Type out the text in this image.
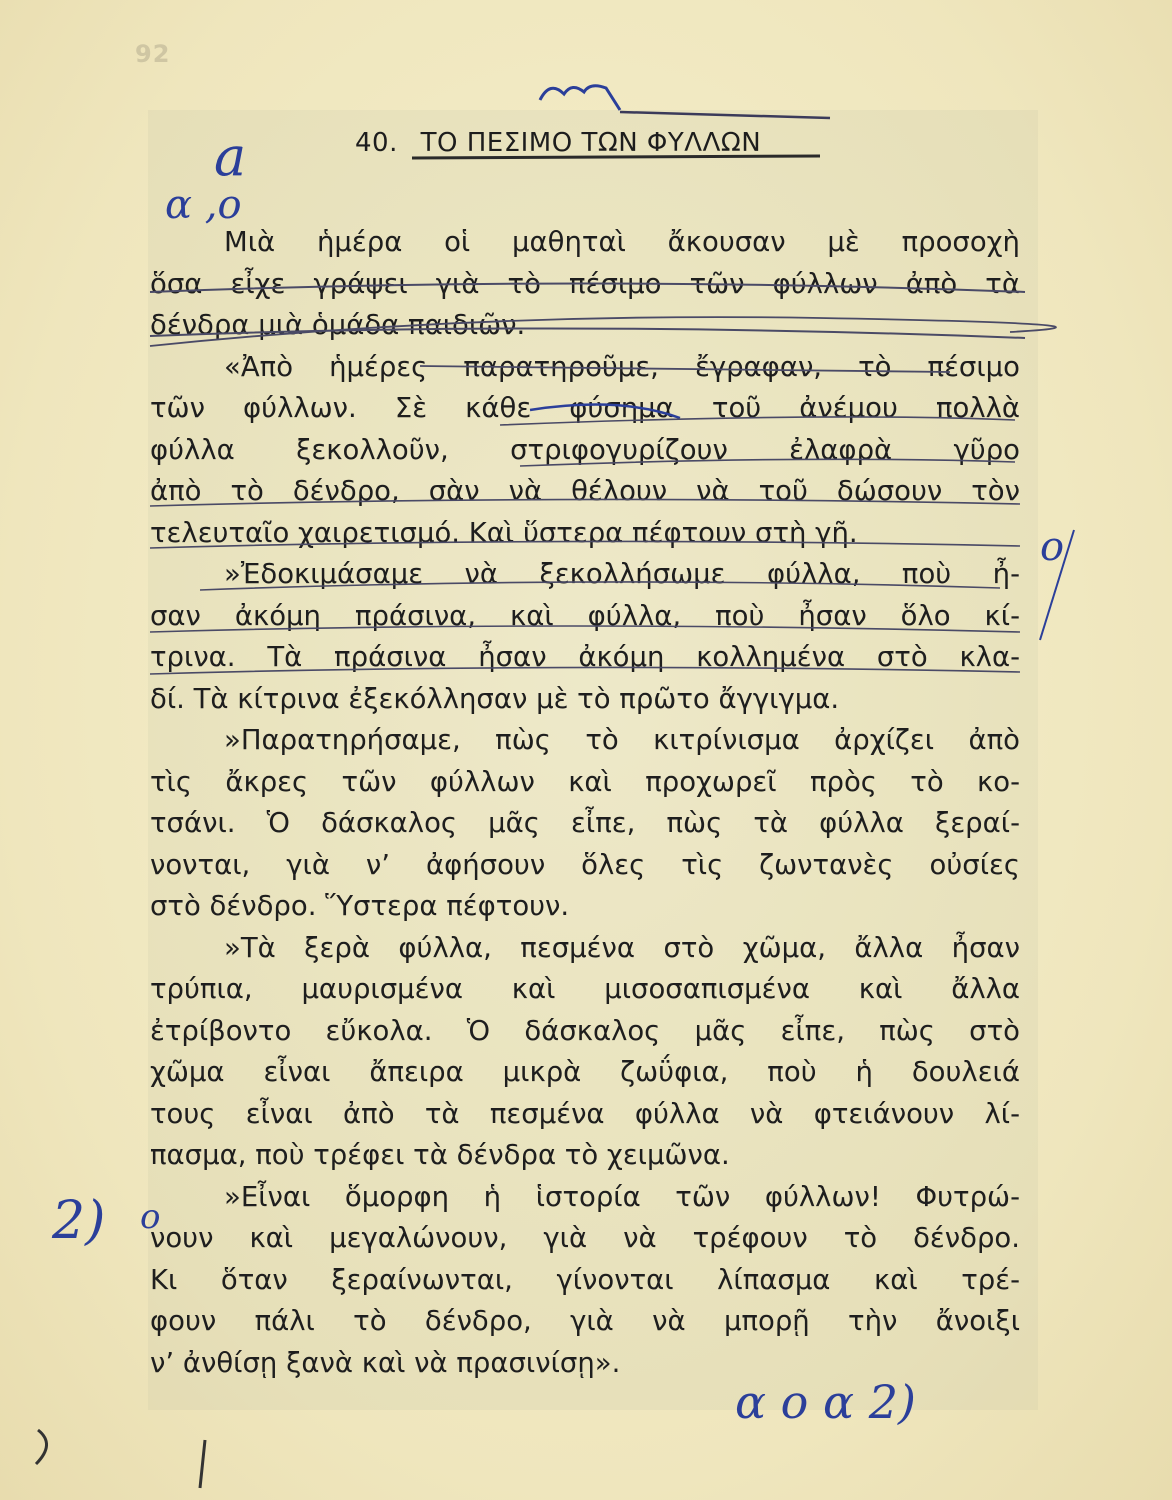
92
40. ΤΟ ΠΕΣΙΜΟ ΤΩΝ ΦΥΛΛΩΝ
Μιὰ ἡμέρα οἱ μαθηταὶ ἄκουσαν μὲ προσοχὴ
ὅσα εἶχε γράψει γιὰ τὸ πέσιμο τῶν φύλλων ἀπὸ τὰ
δένδρα μιὰ ὁμάδα παιδιῶν.
«Ἀπὸ ἡμέρες παρατηροῦμε, ἔγραφαν, τὸ πέσιμο
τῶν φύλλων. Σὲ κάθε φύσημα τοῦ ἀνέμου πολλὰ
φύλλα ξεκολλοῦν, στριφογυρίζουν ἐλαφρὰ γῦρο
ἀπὸ τὸ δένδρο, σὰν νὰ θέλουν νὰ τοῦ δώσουν τὸν
τελευταῖο χαιρετισμό. Καὶ ὕστερα πέφτουν στὴ γῆ.
»Ἐδοκιμάσαμε νὰ ξεκολλήσωμε φύλλα, ποὺ ἦ-
σαν ἀκόμη πράσινα, καὶ φύλλα, ποὺ ἦσαν ὅλο κί-
τρινα. Τὰ πράσινα ἦσαν ἀκόμη κολλημένα στὸ κλα-
δί. Τὰ κίτρινα ἐξεκόλλησαν μὲ τὸ πρῶτο ἄγγιγμα.
»Παρατηρήσαμε, πὼς τὸ κιτρίνισμα ἀρχίζει ἀπὸ
τὶς ἄκρες τῶν φύλλων καὶ προχωρεῖ πρὸς τὸ κο-
τσάνι. Ὁ δάσκαλος μᾶς εἶπε, πὼς τὰ φύλλα ξεραί-
νονται, γιὰ ν’ ἀφήσουν ὅλες τὶς ζωντανὲς οὐσίες
στὸ δένδρο. Ὕστερα πέφτουν.
»Τὰ ξερὰ φύλλα, πεσμένα στὸ χῶμα, ἄλλα ἦσαν
τρύπια, μαυρισμένα καὶ μισοσαπισμένα καὶ ἄλλα
ἐτρίβοντο εὔκολα. Ὁ δάσκαλος μᾶς εἶπε, πὼς στὸ
χῶμα εἶναι ἄπειρα μικρὰ ζωΰφια, ποὺ ἡ δουλειά
τους εἶναι ἀπὸ τὰ πεσμένα φύλλα νὰ φτειάνουν λί-
πασμα, ποὺ τρέφει τὰ δένδρα τὸ χειμῶνα.
»Εἶναι ὅμορφη ἡ ἱστορία τῶν φύλλων! Φυτρώ-
νουν καὶ μεγαλώνουν, γιὰ νὰ τρέφουν τὸ δένδρο.
Κι ὅταν ξεραίνωνται, γίνονται λίπασμα καὶ τρέ-
φουν πάλι τὸ δένδρο, γιὰ νὰ μπορῇ τὴν ἄνοιξι
ν’ ἀνθίσῃ ξανὰ καὶ νὰ πρασινίσῃ».
a
α ,ο
ο
2) ο
α ο α 2)
